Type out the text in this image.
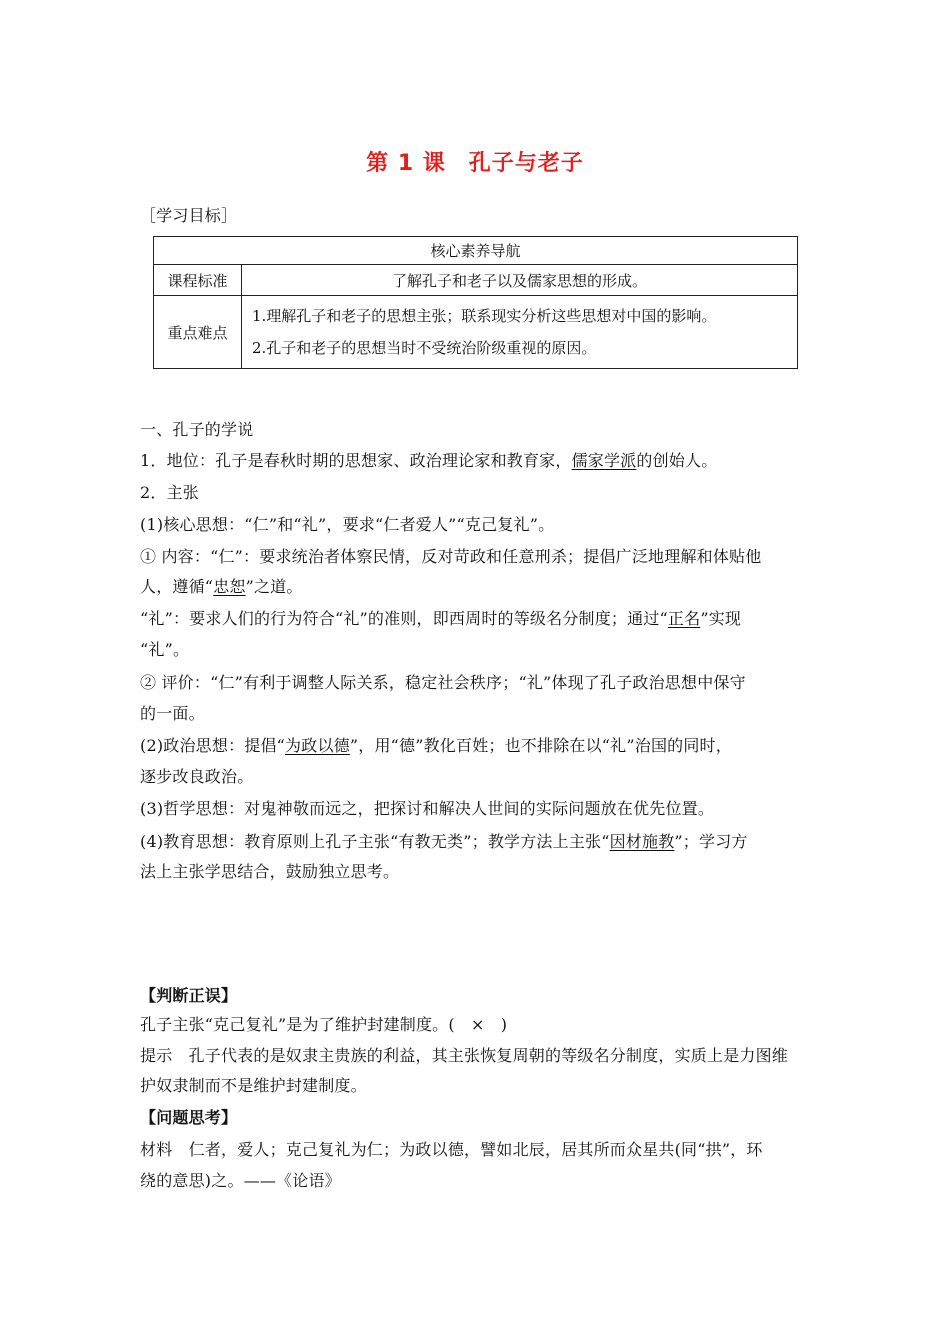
第 1 课　孔子与老子
［学习目标］
核心素养导航	
课程标准	了解孔子和老子以及儒家思想的形成。
重点难点	1.理解孔子和老子的思想主张；联系现实分析这些思想对中国的影响。
2.孔子和老子的思想当时不受统治阶级重视的原因。
一、孔子的学说
1．地位：孔子是春秋时期的思想家、政治理论家和教育家，儒家学派的创始人。
2．主张
(1)核心思想：“仁”和“礼”，要求“仁者爱人”“克己复礼”。
① 内容：“仁”：要求统治者体察民情，反对苛政和任意刑杀；提倡广泛地理解和体贴他
人，遵循“忠恕”之道。
“礼”：要求人们的行为符合“礼”的准则，即西周时的等级名分制度；通过“正名”实现
“礼”。
② 评价：“仁”有利于调整人际关系，稳定社会秩序；“礼”体现了孔子政治思想中保守
的一面。
(2)政治思想：提倡“为政以德”，用“德”教化百姓；也不排除在以“礼”治国的同时，
逐步改良政治。
(3)哲学思想：对鬼神敬而远之，把探讨和解决人世间的实际问题放在优先位置。
(4)教育思想：教育原则上孔子主张“有教无类”；教学方法上主张“因材施教”；学习方
法上主张学思结合，鼓励独立思考。
【判断正误】
孔子主张“克己复礼”是为了维护封建制度。(　×　)
提示　孔子代表的是奴隶主贵族的利益，其主张恢复周朝的等级名分制度，实质上是力图维
护奴隶制而不是维护封建制度。
【问题思考】
材料　仁者，爱人；克己复礼为仁；为政以德，譬如北辰，居其所而众星共(同“拱”，环
绕的意思)之。——《论语》
